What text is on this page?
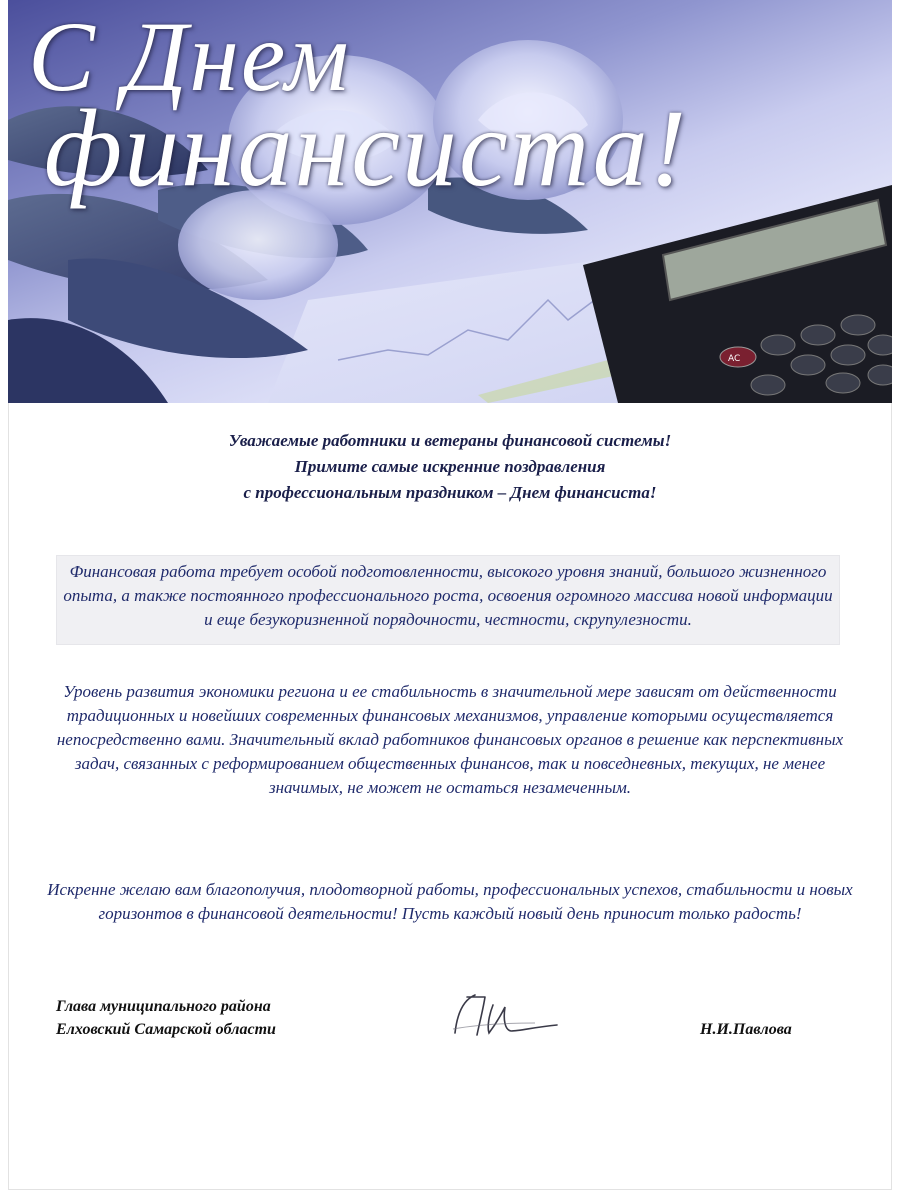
AC
С Днем
финансиста!

Уважаемые работники и ветераны финансовой системы!
Примите самые искренние поздравления
с профессиональным праздником – Днем финансиста!

Финансовая работа требует особой подготовленности, высокого уровня знаний, большого жизненного опыта, а также постоянного профессионального роста, освоения огромного массива новой информации и еще безукоризненной порядочности, честности, скрупулезности.

Уровень развития экономики региона и ее стабильность в значительной мере зависят от действенности традиционных и новейших современных финансовых механизмов, управление которыми осуществляется непосредственно вами. Значительный вклад работников финансовых органов в решение как перспективных задач, связанных с реформированием общественных финансов, так и повседневных, текущих, не менее значимых, не может не остаться незамеченным.

Искренне желаю вам благополучия, плодотворной работы, профессиональных успехов, стабильности и новых горизонтов в финансовой деятельности! Пусть каждый новый день приносит только радость!

Глава муниципального района
Елховский Самарской области	Н.И.Павлова
